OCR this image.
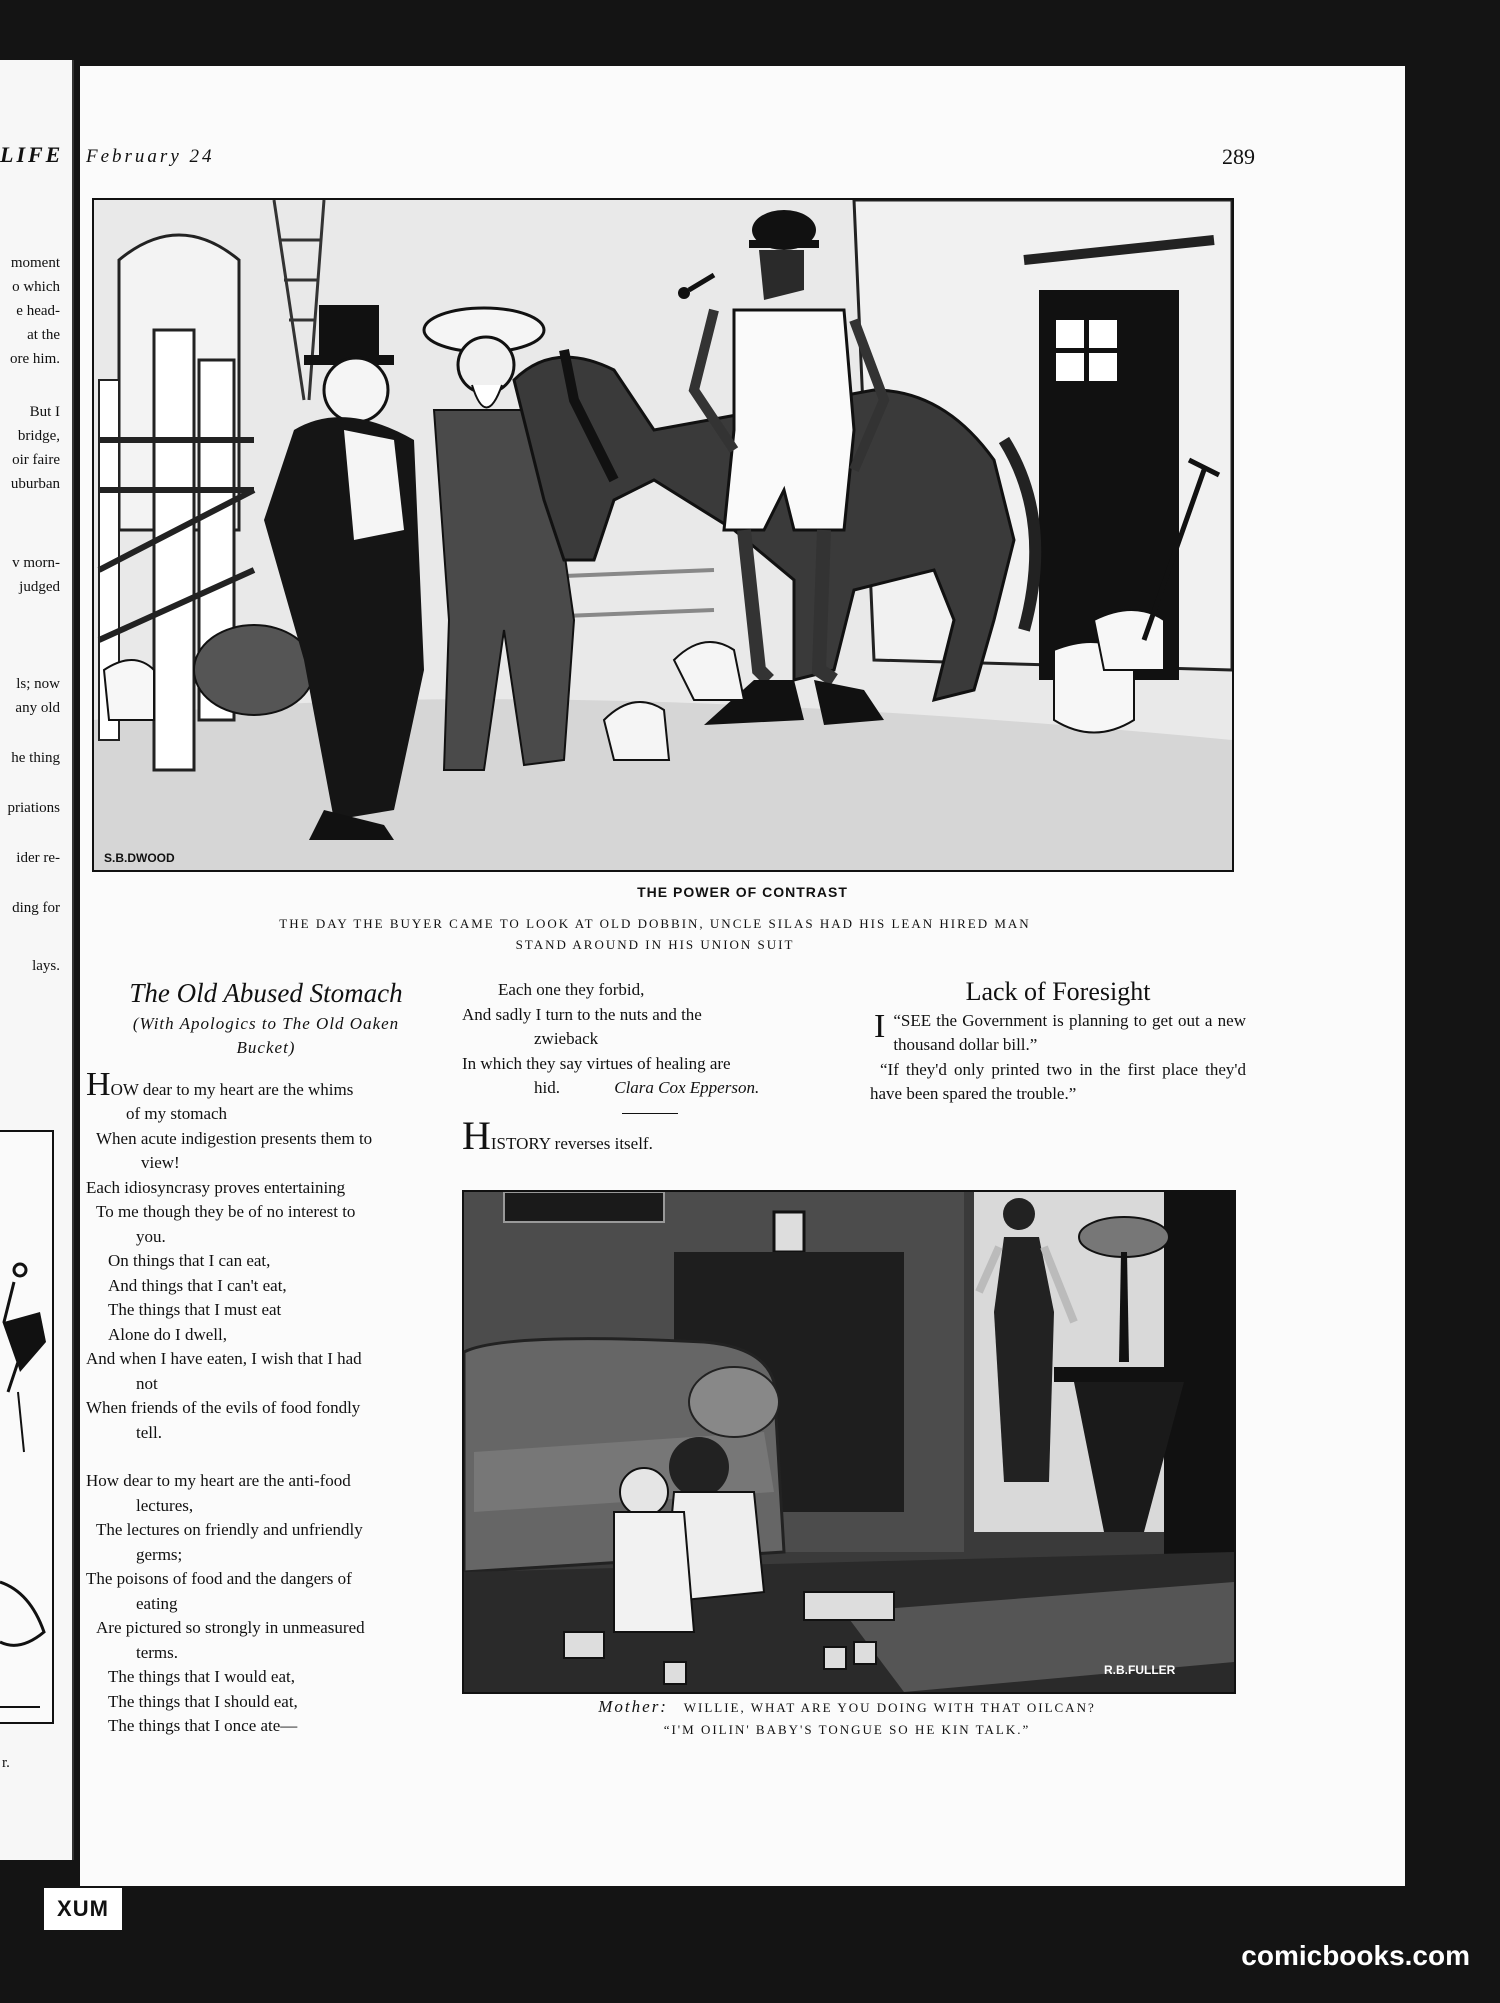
LIFE
moment
o which
e head-
at the
ore him.
But I
bridge,
oir faire
uburban
v morn-
judged
ls; now
any old
he thing
priations
ider re-
ding for
lays.
r.
February 24	289
S.B.DWOOD
THE POWER OF CONTRAST
THE DAY THE BUYER CAME TO LOOK AT OLD DOBBIN, UNCLE SILAS HAD HIS LEAN HIRED MAN
STAND AROUND IN HIS UNION SUIT
The Old Abused Stomach
(With Apologics to The Old Oaken
Bucket)
HOW dear to my heart are the whims
of my stomach
When acute indigestion presents them to
view!
Each idiosyncrasy proves entertaining
To me though they be of no interest to
you.
On things that I can eat,
And things that I can't eat,
The things that I must eat
Alone do I dwell,
And when I have eaten, I wish that I had
not
When friends of the evils of food fondly
tell.
How dear to my heart are the anti-food
lectures,
The lectures on friendly and unfriendly
germs;
The poisons of food and the dangers of
eating
Are pictured so strongly in unmeasured
terms.
The things that I would eat,
The things that I should eat,
The things that I once ate—
Each one they forbid,
And sadly I turn to the nuts and the
zwieback
In which they say virtues of healing are
hid.	Clara Cox Epperson.
HISTORY reverses itself.
Lack of Foresight
“
I SEE the Government is planning to get out a new thousand dollar bill.”
“If they'd only printed two in the first place they'd have been spared the trouble.”
R.B.FULLER
Mother: WILLIE, WHAT ARE YOU DOING WITH THAT OILCAN?
“I'M OILIN' BABY'S TONGUE SO HE KIN TALK.”
XUM
comicbooks.com
